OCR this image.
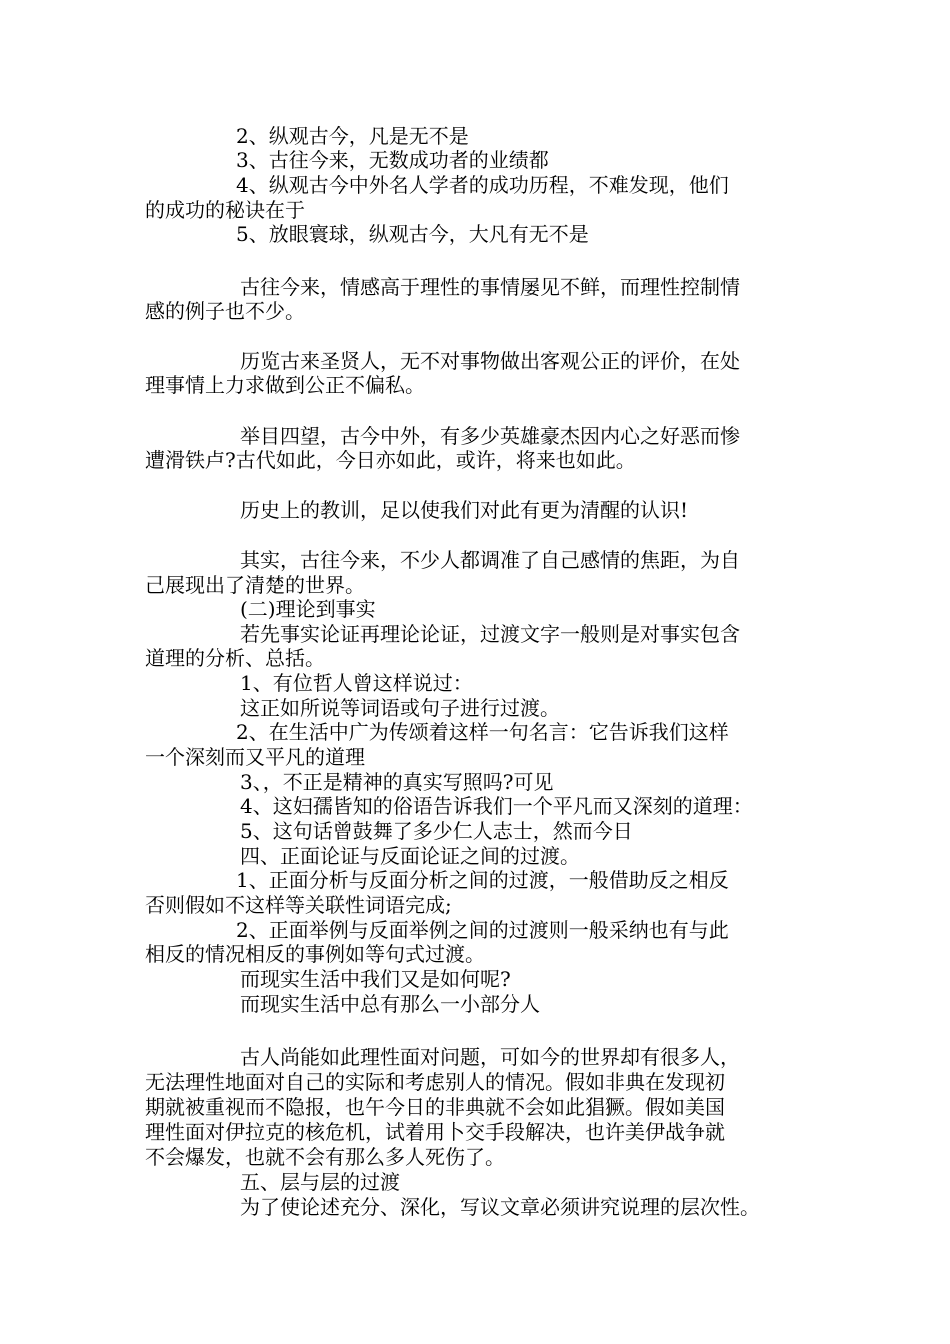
2、纵观古今，凡是无不是
3、古往今来，无数成功者的业绩都
4、纵观古今中外名人学者的成功历程，不难发现，他们
的成功的秘诀在于
5、放眼寰球，纵观古今，大凡有无不是
古往今来，情感高于理性的事情屡见不鲜，而理性控制情
感的例子也不少。
历览古来圣贤人，无不对事物做出客观公正的评价，在处
理事情上力求做到公正不偏私。
举目四望，古今中外，有多少英雄豪杰因内心之好恶而惨
遭滑铁卢?古代如此，今日亦如此，或许，将来也如此。
历史上的教训，足以使我们对此有更为清醒的认识!
其实，古往今来，不少人都调准了自己感情的焦距，为自
己展现出了清楚的世界。
(二)理论到事实
若先事实论证再理论论证，过渡文字一般则是对事实包含
道理的分析、总括。
1、有位哲人曾这样说过：
这正如所说等词语或句子进行过渡。
2、在生活中广为传颂着这样一句名言：它告诉我们这样
一个深刻而又平凡的道理
3、，不正是精神的真实写照吗?可见
4、这妇孺皆知的俗语告诉我们一个平凡而又深刻的道理：
5、这句话曾鼓舞了多少仁人志士，然而今日
四、正面论证与反面论证之间的过渡。
1、正面分析与反面分析之间的过渡，一般借助反之相反
否则假如不这样等关联性词语完成;
2、正面举例与反面举例之间的过渡则一般采纳也有与此
相反的情况相反的事例如等句式过渡。
而现实生活中我们又是如何呢?
而现实生活中总有那么一小部分人
古人尚能如此理性面对问题，可如今的世界却有很多人，
无法理性地面对自己的实际和考虑别人的情况。假如非典在发现初
期就被重视而不隐报，也午今日的非典就不会如此猖獗。假如美国
理性面对伊拉克的核危机，试着用卜交手段解决，也许美伊战争就
不会爆发，也就不会有那么多人死伤了。
五、层与层的过渡
为了使论述充分、深化，写议文章必须讲究说理的层次性。
